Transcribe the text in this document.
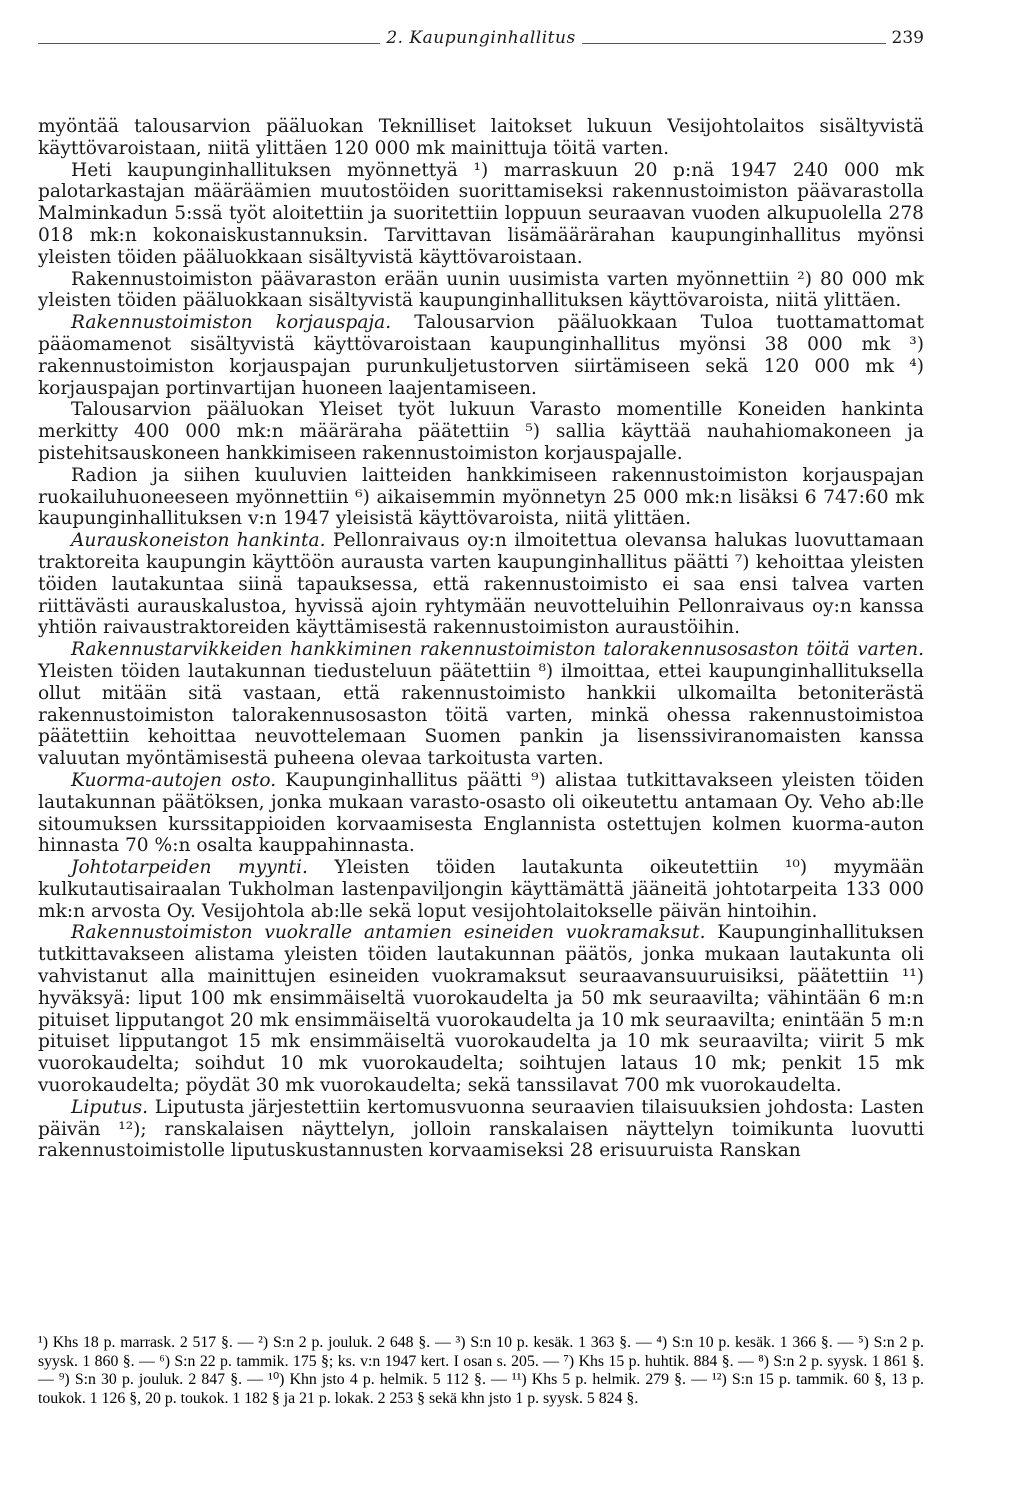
2. Kaupunginhallitus	239

myöntää talousarvion pääluokan Teknilliset laitokset lukuun Vesijohtolaitos sisältyvistä käyttövaroistaan, niitä ylittäen 120 000 mk mainittuja töitä varten.

Heti kaupunginhallituksen myönnettyä ¹) marraskuun 20 p:nä 1947 240 000 mk palotarkastajan määräämien muutostöiden suorittamiseksi rakennustoimiston päävarastolla Malminkadun 5:ssä työt aloitettiin ja suoritettiin loppuun seuraavan vuoden alkupuolella 278 018 mk:n kokonaiskustannuksin. Tarvittavan lisämäärärahan kaupunginhallitus myönsi yleisten töiden pääluokkaan sisältyvistä käyttövaroistaan.

Rakennustoimiston päävaraston erään uunin uusimista varten myönnettiin ²) 80 000 mk yleisten töiden pääluokkaan sisältyvistä kaupunginhallituksen käyttövaroista, niitä ylittäen.

Rakennustoimiston korjauspaja. Talousarvion pääluokkaan Tuloa tuottamattomat pääomamenot sisältyvistä käyttövaroistaan kaupunginhallitus myönsi 38 000 mk ³) rakennustoimiston korjauspajan purunkuljetustorven siirtämiseen sekä 120 000 mk ⁴) korjauspajan portinvartijan huoneen laajentamiseen.

Talousarvion pääluokan Yleiset työt lukuun Varasto momentille Koneiden hankinta merkitty 400 000 mk:n määräraha päätettiin ⁵) sallia käyttää nauhahiomakoneen ja pistehitsauskoneen hankkimiseen rakennustoimiston korjauspajalle.

Radion ja siihen kuuluvien laitteiden hankkimiseen rakennustoimiston korjauspajan ruokailuhuoneeseen myönnettiin ⁶) aikaisemmin myönnetyn 25 000 mk:n lisäksi 6 747:60 mk kaupunginhallituksen v:n 1947 yleisistä käyttövaroista, niitä ylittäen.

Aurauskoneiston hankinta. Pellonraivaus oy:n ilmoitettua olevansa halukas luovuttamaan traktoreita kaupungin käyttöön aurausta varten kaupunginhallitus päätti ⁷) kehoittaa yleisten töiden lautakuntaa siinä tapauksessa, että rakennustoimisto ei saa ensi talvea varten riittävästi aurauskalustoa, hyvissä ajoin ryhtymään neuvotteluihin Pellonraivaus oy:n kanssa yhtiön raivaustraktoreiden käyttämisestä rakennustoimiston auraustöihin.

Rakennustarvikkeiden hankkiminen rakennustoimiston talorakennusosaston töitä varten. Yleisten töiden lautakunnan tiedusteluun päätettiin ⁸) ilmoittaa, ettei kaupunginhallituksella ollut mitään sitä vastaan, että rakennustoimisto hankkii ulkomailta betoniterästä rakennustoimiston talorakennusosaston töitä varten, minkä ohessa rakennustoimistoa päätettiin kehoittaa neuvottelemaan Suomen pankin ja lisenssiviranomaisten kanssa valuutan myöntämisestä puheena olevaa tarkoitusta varten.

Kuorma-autojen osto. Kaupunginhallitus päätti ⁹) alistaa tutkittavakseen yleisten töiden lautakunnan päätöksen, jonka mukaan varasto-osasto oli oikeutettu antamaan Oy. Veho ab:lle sitoumuksen kurssitappioiden korvaamisesta Englannista ostettujen kolmen kuorma-auton hinnasta 70 %:n osalta kauppahinnasta.

Johtotarpeiden myynti. Yleisten töiden lautakunta oikeutettiin ¹⁰) myymään kulkutautisairaalan Tukholman lastenpaviljongin käyttämättä jääneitä johtotarpeita 133 000 mk:n arvosta Oy. Vesijohtola ab:lle sekä loput vesijohtolaitokselle päivän hintoihin.

Rakennustoimiston vuokralle antamien esineiden vuokramaksut. Kaupunginhallituksen tutkittavakseen alistama yleisten töiden lautakunnan päätös, jonka mukaan lautakunta oli vahvistanut alla mainittujen esineiden vuokramaksut seuraavansuuruisiksi, päätettiin ¹¹) hyväksyä: liput 100 mk ensimmäiseltä vuorokaudelta ja 50 mk seuraavilta; vähintään 6 m:n pituiset lipputangot 20 mk ensimmäiseltä vuorokaudelta ja 10 mk seuraavilta; enintään 5 m:n pituiset lipputangot 15 mk ensimmäiseltä vuorokaudelta ja 10 mk seuraavilta; viirit 5 mk vuorokaudelta; soihdut 10 mk vuorokaudelta; soihtujen lataus 10 mk; penkit 15 mk vuorokaudelta; pöydät 30 mk vuorokaudelta; sekä tanssilavat 700 mk vuorokaudelta.

Liputus. Liputusta järjestettiin kertomusvuonna seuraavien tilaisuuksien johdosta: Lasten päivän ¹²); ranskalaisen näyttelyn, jolloin ranskalaisen näyttelyn toimikunta luovutti rakennustoimistolle liputuskustannusten korvaamiseksi 28 erisuuruista Ranskan

¹) Khs 18 p. marrask. 2 517 §. — ²) S:n 2 p. jouluk. 2 648 §. — ³) S:n 10 p. kesäk. 1 363 §. — ⁴) S:n 10 p. kesäk. 1 366 §. — ⁵) S:n 2 p. syysk. 1 860 §. — ⁶) S:n 22 p. tammik. 175 §; ks. v:n 1947 kert. I osan s. 205. — ⁷) Khs 15 p. huhtik. 884 §. — ⁸) S:n 2 p. syysk. 1 861 §. — ⁹) S:n 30 p. jouluk. 2 847 §. — ¹⁰) Khn jsto 4 p. helmik. 5 112 §. — ¹¹) Khs 5 p. helmik. 279 §. — ¹²) S:n 15 p. tammik. 60 §, 13 p. toukok. 1 126 §, 20 p. toukok. 1 182 § ja 21 p. lokak. 2 253 § sekä khn jsto 1 p. syysk. 5 824 §.
